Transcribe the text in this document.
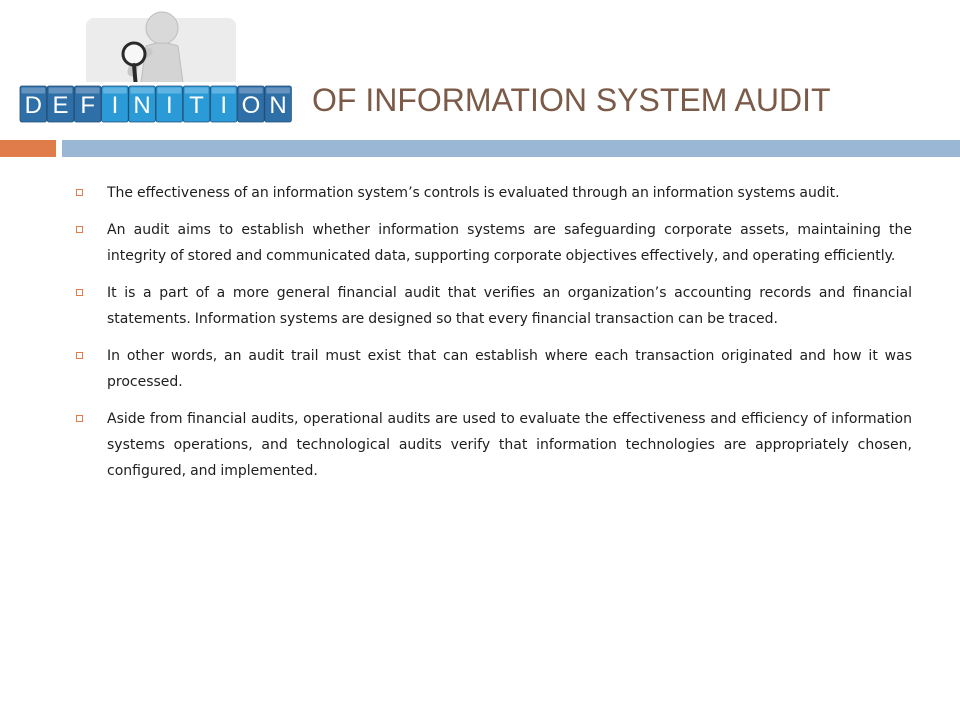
D E F I N I T I O N OF INFORMATION SYSTEM AUDIT
The effectiveness of an information system’s controls is evaluated through an information systems audit.
An audit aims to establish whether information systems are safeguarding corporate assets, maintaining the integrity of stored and communicated data, supporting corporate objectives effectively, and operating efficiently.
It is a part of a more general financial audit that verifies an organization’s accounting records and financial statements. Information systems are designed so that every financial transaction can be traced.
In other words, an audit trail must exist that can establish where each transaction originated and how it was processed.
Aside from financial audits, operational audits are used to evaluate the effectiveness and efficiency of information systems operations, and technological audits verify that information technologies are appropriately chosen, configured, and implemented.
